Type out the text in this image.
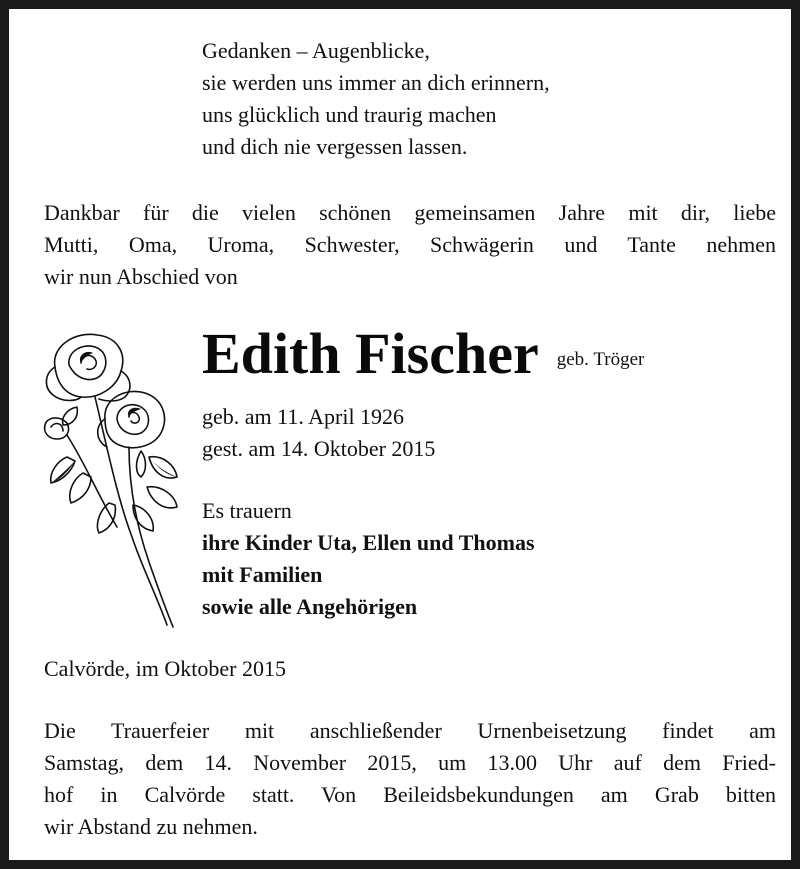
Gedanken – Augenblicke,
sie werden uns immer an dich erinnern,
uns glücklich und traurig machen
und dich nie vergessen lassen.
Dankbar für die vielen schönen gemeinsamen Jahre mit dir, liebe
Mutti, Oma, Uroma, Schwester, Schwägerin und Tante nehmen
wir nun Abschied von
Edith Fischer geb. Tröger
geb. am 11. April 1926
gest. am 14. Oktober 2015
Es trauern
ihre Kinder Uta, Ellen und Thomas
mit Familien
sowie alle Angehörigen
Calvörde, im Oktober 2015
Die Trauerfeier mit anschließender Urnenbeisetzung findet am
Samstag, dem 14. November 2015, um 13.00 Uhr auf dem Fried-
hof in Calvörde statt. Von Beileidsbekundungen am Grab bitten
wir Abstand zu nehmen.
